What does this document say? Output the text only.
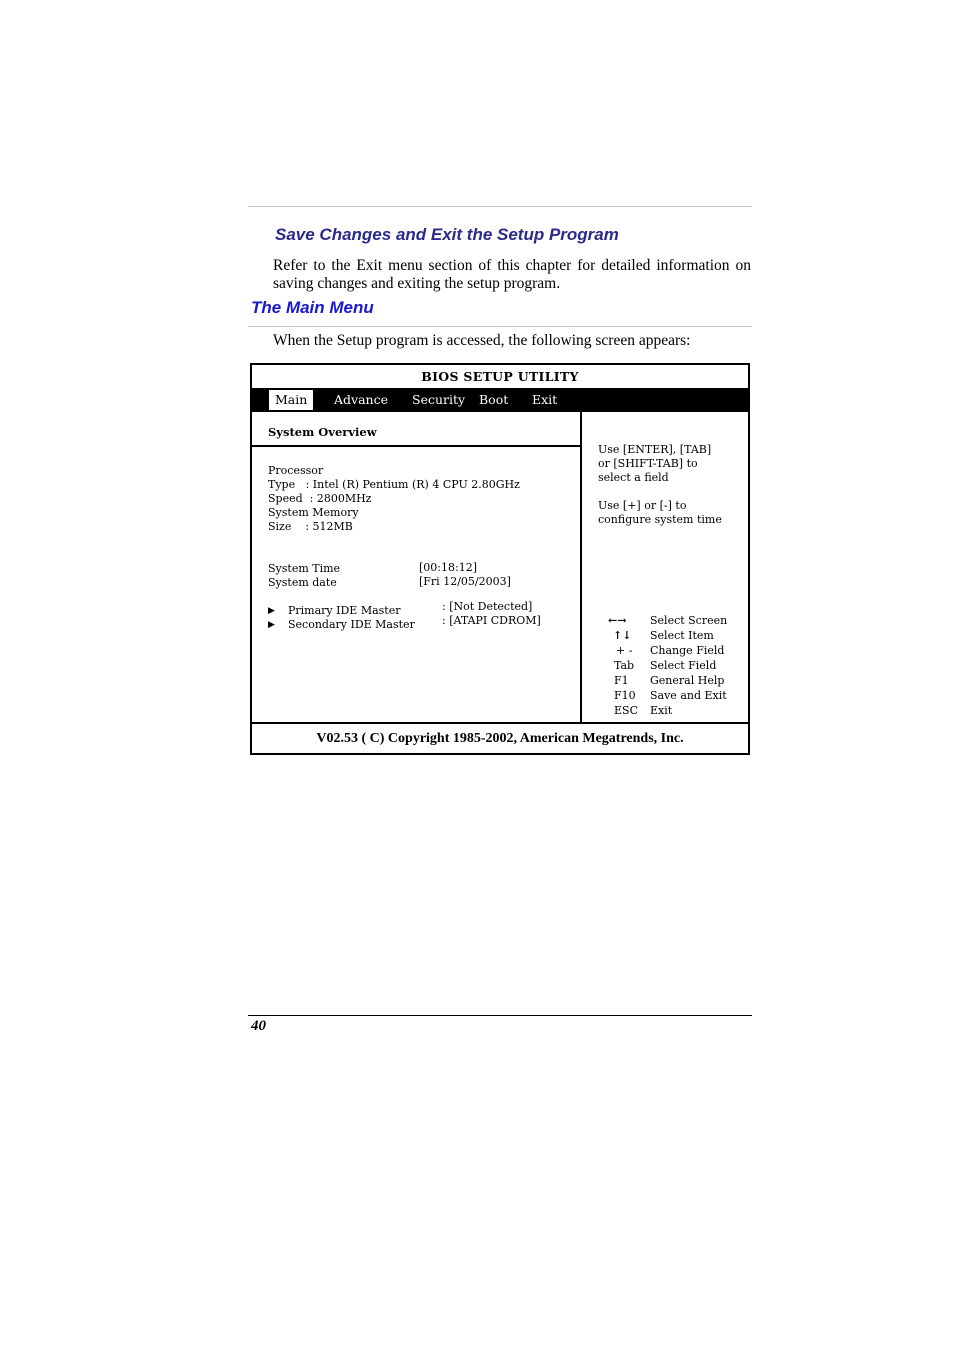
Save Changes and Exit the Setup Program
Refer to the Exit menu section of this chapter for detailed information on saving changes and exiting the setup program.
The Main Menu
When the Setup program is accessed, the following screen appears:
BIOS SETUP UTILITY
Main	Advance	Security	Boot	Exit
System Overview
Processor
Type   : Intel (R) Pentium (R) 4 CPU 2.80GHz
Speed  : 2800MHz
System Memory
Size    : 512MB
System Time	[00:18:12]
System date	[Fri 12/05/2003]
▶ Primary IDE Master	: [Not Detected]
▶ Secondary IDE Master : [ATAPI CDROM]
Use [ENTER], [TAB]
or [SHIFT-TAB] to
select a field
Use [+] or [-] to
configure system time
←→ Select Screen
↑↓ Select Item
+ - Change Field
Tab Select Field
F1 General Help
F10 Save and Exit
ESC Exit
V02.53 ( C) Copyright 1985-2002, American Megatrends, Inc.
40
